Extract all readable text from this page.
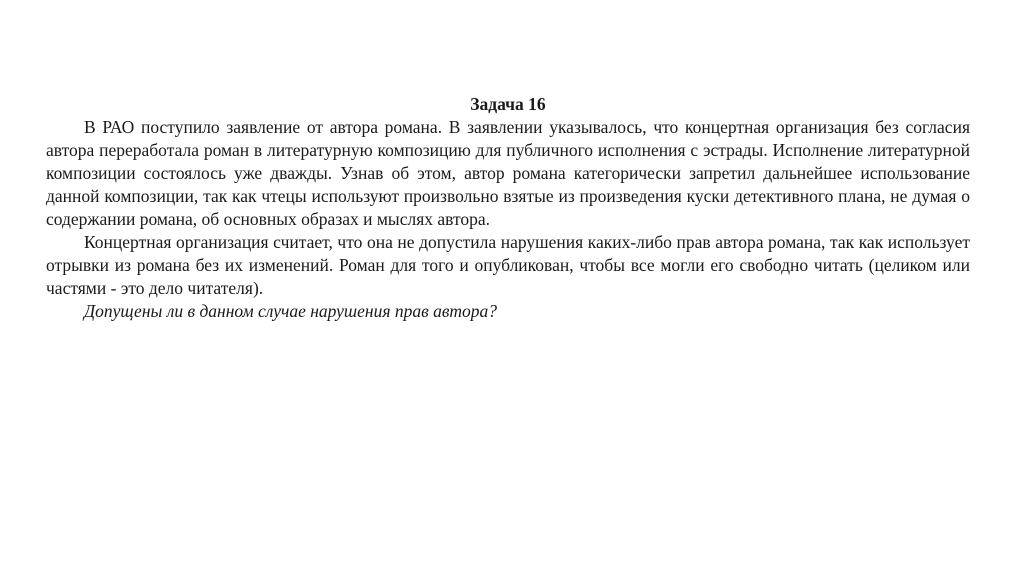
Задача 16

В РАО поступило заявление от автора романа. В заявлении указывалось, что концертная организация без согласия автора переработала роман в литературную композицию для публичного исполнения с эстрады. Исполнение литературной композиции состоялось уже дважды. Узнав об этом, автор романа категорически запретил дальнейшее использование данной композиции, так как чтецы используют произвольно взятые из произведения куски детективного плана, не думая о содержании романа, об основных образах и мыслях автора.

Концертная организация считает, что она не допустила нарушения каких-либо прав автора романа, так как использует отрывки из романа без их изменений. Роман для того и опубликован, чтобы все могли его свободно читать (целиком или частями - это дело читателя).

Допущены ли в данном случае нарушения прав автора?
